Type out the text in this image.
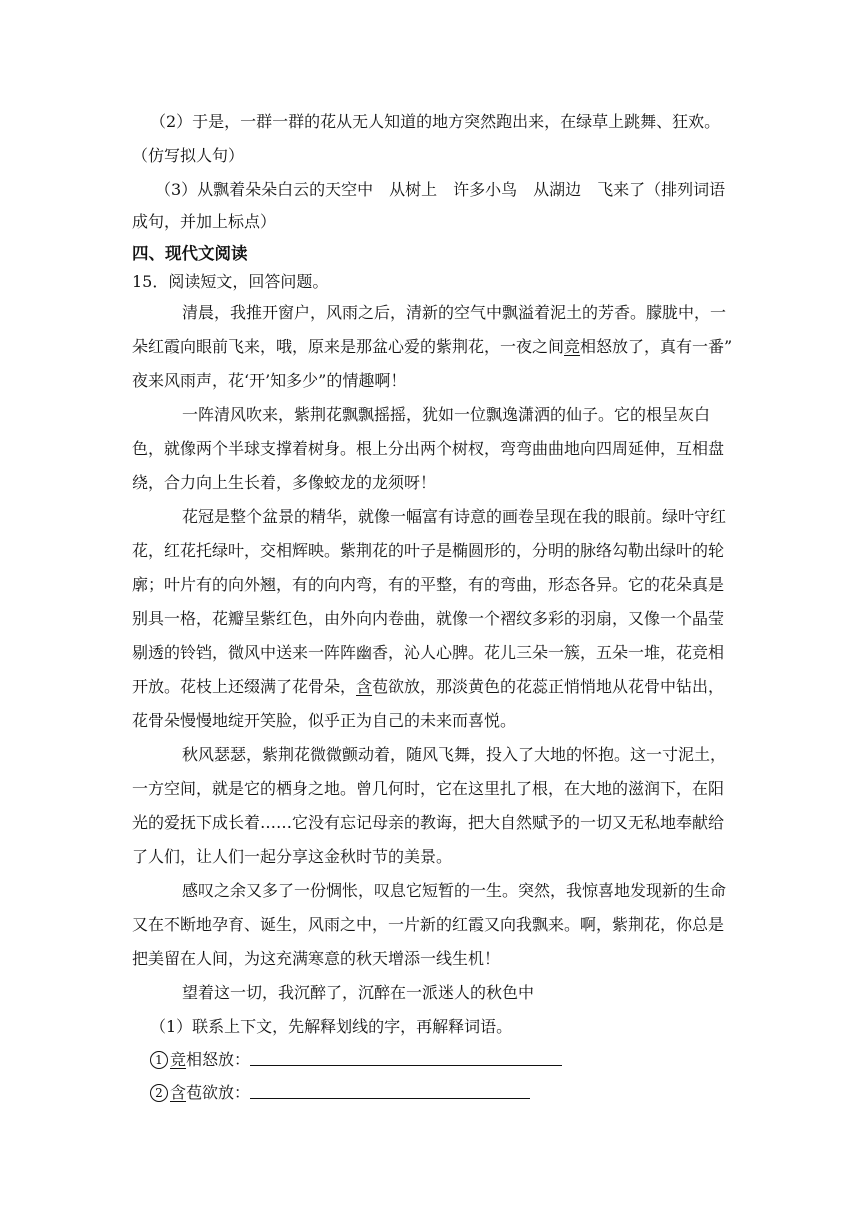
（2）于是，一群一群的花从无人知道的地方突然跑出来，在绿草上跳舞、狂欢。
（仿写拟人句）
（3）从飘着朵朵白云的天空中　从树上　许多小鸟　从湖边　飞来了（排列词语
成句，并加上标点）
四、现代文阅读
15．阅读短文，回答问题。
清晨，我推开窗户，风雨之后，清新的空气中飘溢着泥土的芳香。朦胧中，一
朵红霞向眼前飞来，哦，原来是那盆心爱的紫荆花，一夜之间竞相怒放了，真有一番”
夜来风雨声，花‘开’知多少”的情趣啊！
一阵清风吹来，紫荆花飘飘摇摇，犹如一位飘逸潇洒的仙子。它的根呈灰白
色，就像两个半球支撑着树身。根上分出两个树杈，弯弯曲曲地向四周延伸，互相盘
绕，合力向上生长着，多像蛟龙的龙须呀！
花冠是整个盆景的精华，就像一幅富有诗意的画卷呈现在我的眼前。绿叶守红
花，红花托绿叶，交相辉映。紫荆花的叶子是椭圆形的，分明的脉络勾勒出绿叶的轮
廓；叶片有的向外翘，有的向内弯，有的平整，有的弯曲，形态各异。它的花朵真是
别具一格，花瓣呈紫红色，由外向内卷曲，就像一个褶纹多彩的羽扇，又像一个晶莹
剔透的铃铛，微风中送来一阵阵幽香，沁人心脾。花儿三朵一簇，五朵一堆，花竞相
开放。花枝上还缀满了花骨朵，含苞欲放，那淡黄色的花蕊正悄悄地从花骨中钻出，
花骨朵慢慢地绽开笑脸，似乎正为自己的未来而喜悦。
秋风瑟瑟，紫荆花微微颤动着，随风飞舞，投入了大地的怀抱。这一寸泥土，
一方空间，就是它的栖身之地。曾几何时，它在这里扎了根，在大地的滋润下，在阳
光的爱抚下成长着……它没有忘记母亲的教诲，把大自然赋予的一切又无私地奉献给
了人们，让人们一起分享这金秋时节的美景。
感叹之余又多了一份惆怅，叹息它短暂的一生。突然，我惊喜地发现新的生命
又在不断地孕育、诞生，风雨之中，一片新的红霞又向我飘来。啊，紫荆花，你总是
把美留在人间，为这充满寒意的秋天增添一线生机！
望着这一切，我沉醉了，沉醉在一派迷人的秋色中
（1）联系上下文，先解释划线的字，再解释词语。
1 竞相怒放：
2 含苞欲放：
